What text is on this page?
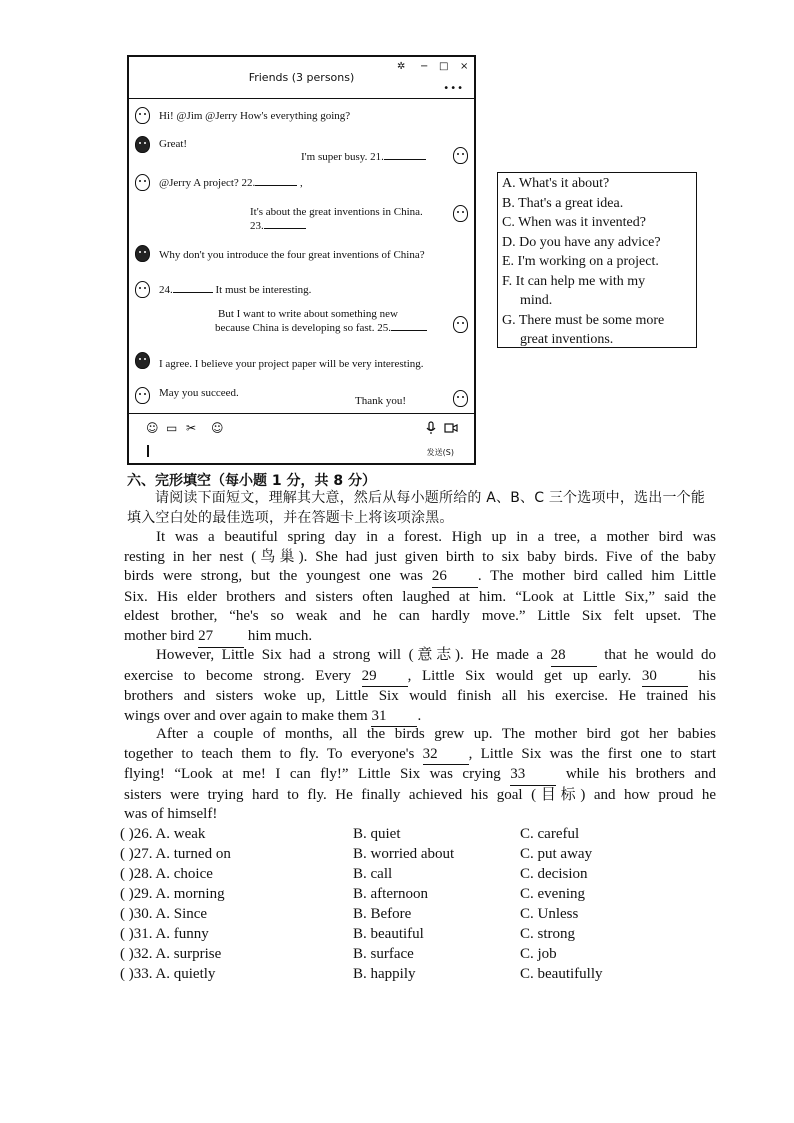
Friends (3 persons)
✲ − □ ×
•••
Hi! @Jim @Jerry How's everything going?
Great!
I'm super busy. 21.
@Jerry A project? 22.	,
It's about the great inventions in China.
23.
Why don't you introduce the four great inventions of China?
24.	It must be interesting.
But I want to write about something new
because China is developing so fast. 25.
I agree. I believe your project paper will be very interesting.
May you succeed.
Thank you!
☺ ▭ ✂ ☺
发送(S)
A. What's it about?
B. That's a great idea.
C. When was it invented?
D. Do you have any advice?
E. I'm working on a project.
F. It can help me with my
mind.
G. There must be some more
great inventions.
六、完形填空（每小题 1 分，共 8 分）
请阅读下面短文，理解其大意，然后从每小题所给的 A、B、C 三个选项中，选出一个能填入空白处的最佳选项，并在答题卡上将该项涂黑。
It was a beautiful spring day in a forest. High up in a tree, a mother bird was
resting in her nest (鸟巢). She had just given birth to six baby birds. Five of the baby
birds were strong, but the youngest one was 26 . The mother bird called him Little
Six. His elder brothers and sisters often laughed at him. “Look at Little Six,” said the
eldest brother, “he's so weak and he can hardly move.” Little Six felt upset. The
mother bird 27 him much.
However, Little Six had a strong will (意志). He made a 28	that he would do
exercise to become strong. Every 29 , Little Six would get up early. 30	his
brothers and sisters woke up, Little Six would finish all his exercise. He trained his
wings over and over again to make them 31 .
After a couple of months, all the birds grew up. The mother bird got her babies
together to teach them to fly. To everyone's 32 , Little Six was the first one to start
flying! “Look at me! I can fly!” Little Six was crying 33	while his brothers and
sisters were trying hard to fly. He finally achieved his goal (目标) and how proud he
was of himself!
( )26. A. weak	B. quiet	C. careful
( )27. A. turned on	B. worried about	C. put away
( )28. A. choice	B. call	C. decision
( )29. A. morning	B. afternoon	C. evening
( )30. A. Since	B. Before	C. Unless
( )31. A. funny	B. beautiful	C. strong
( )32. A. surprise	B. surface	C. job
( )33. A. quietly	B. happily	C. beautifully
